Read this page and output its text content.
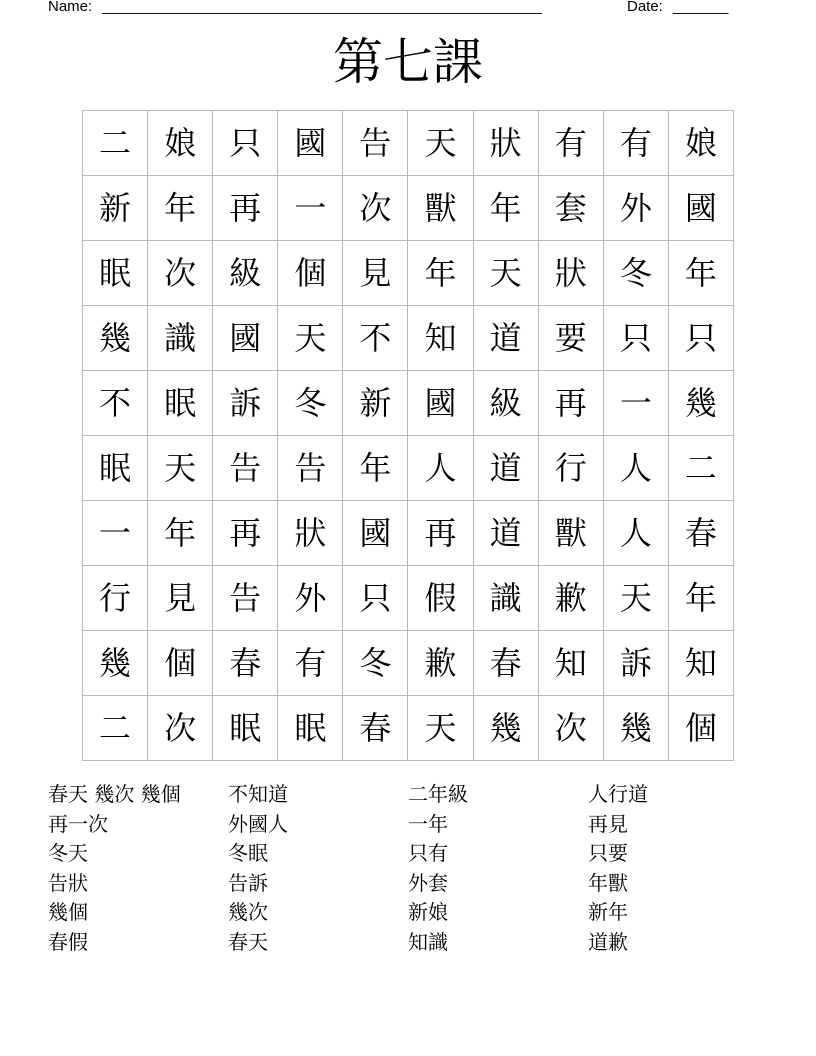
Name: ________________________________________________________	Date: _______
第七課
二	娘	只	國	告	天	狀	有	有	娘
新	年	再	一	次	獸	年	套	外	國
眠	次	級	個	見	年	天	狀	冬	年
幾	識	國	天	不	知	道	要	只	只
不	眠	訴	冬	新	國	級	再	一	幾
眠	天	告	告	年	人	道	行	人	二
一	年	再	狀	國	再	道	獸	人	春
行	見	告	外	只	假	識	歉	天	年
幾	個	春	有	冬	歉	春	知	訴	知
二	次	眠	眠	春	天	幾	次	幾	個
春天 幾次 幾個	不知道	二年級	人行道
再一次	外國人	一年	再見
冬天	冬眠	只有	只要
告狀	告訴	外套	年獸
幾個	幾次	新娘	新年
春假	春天	知識	道歉
